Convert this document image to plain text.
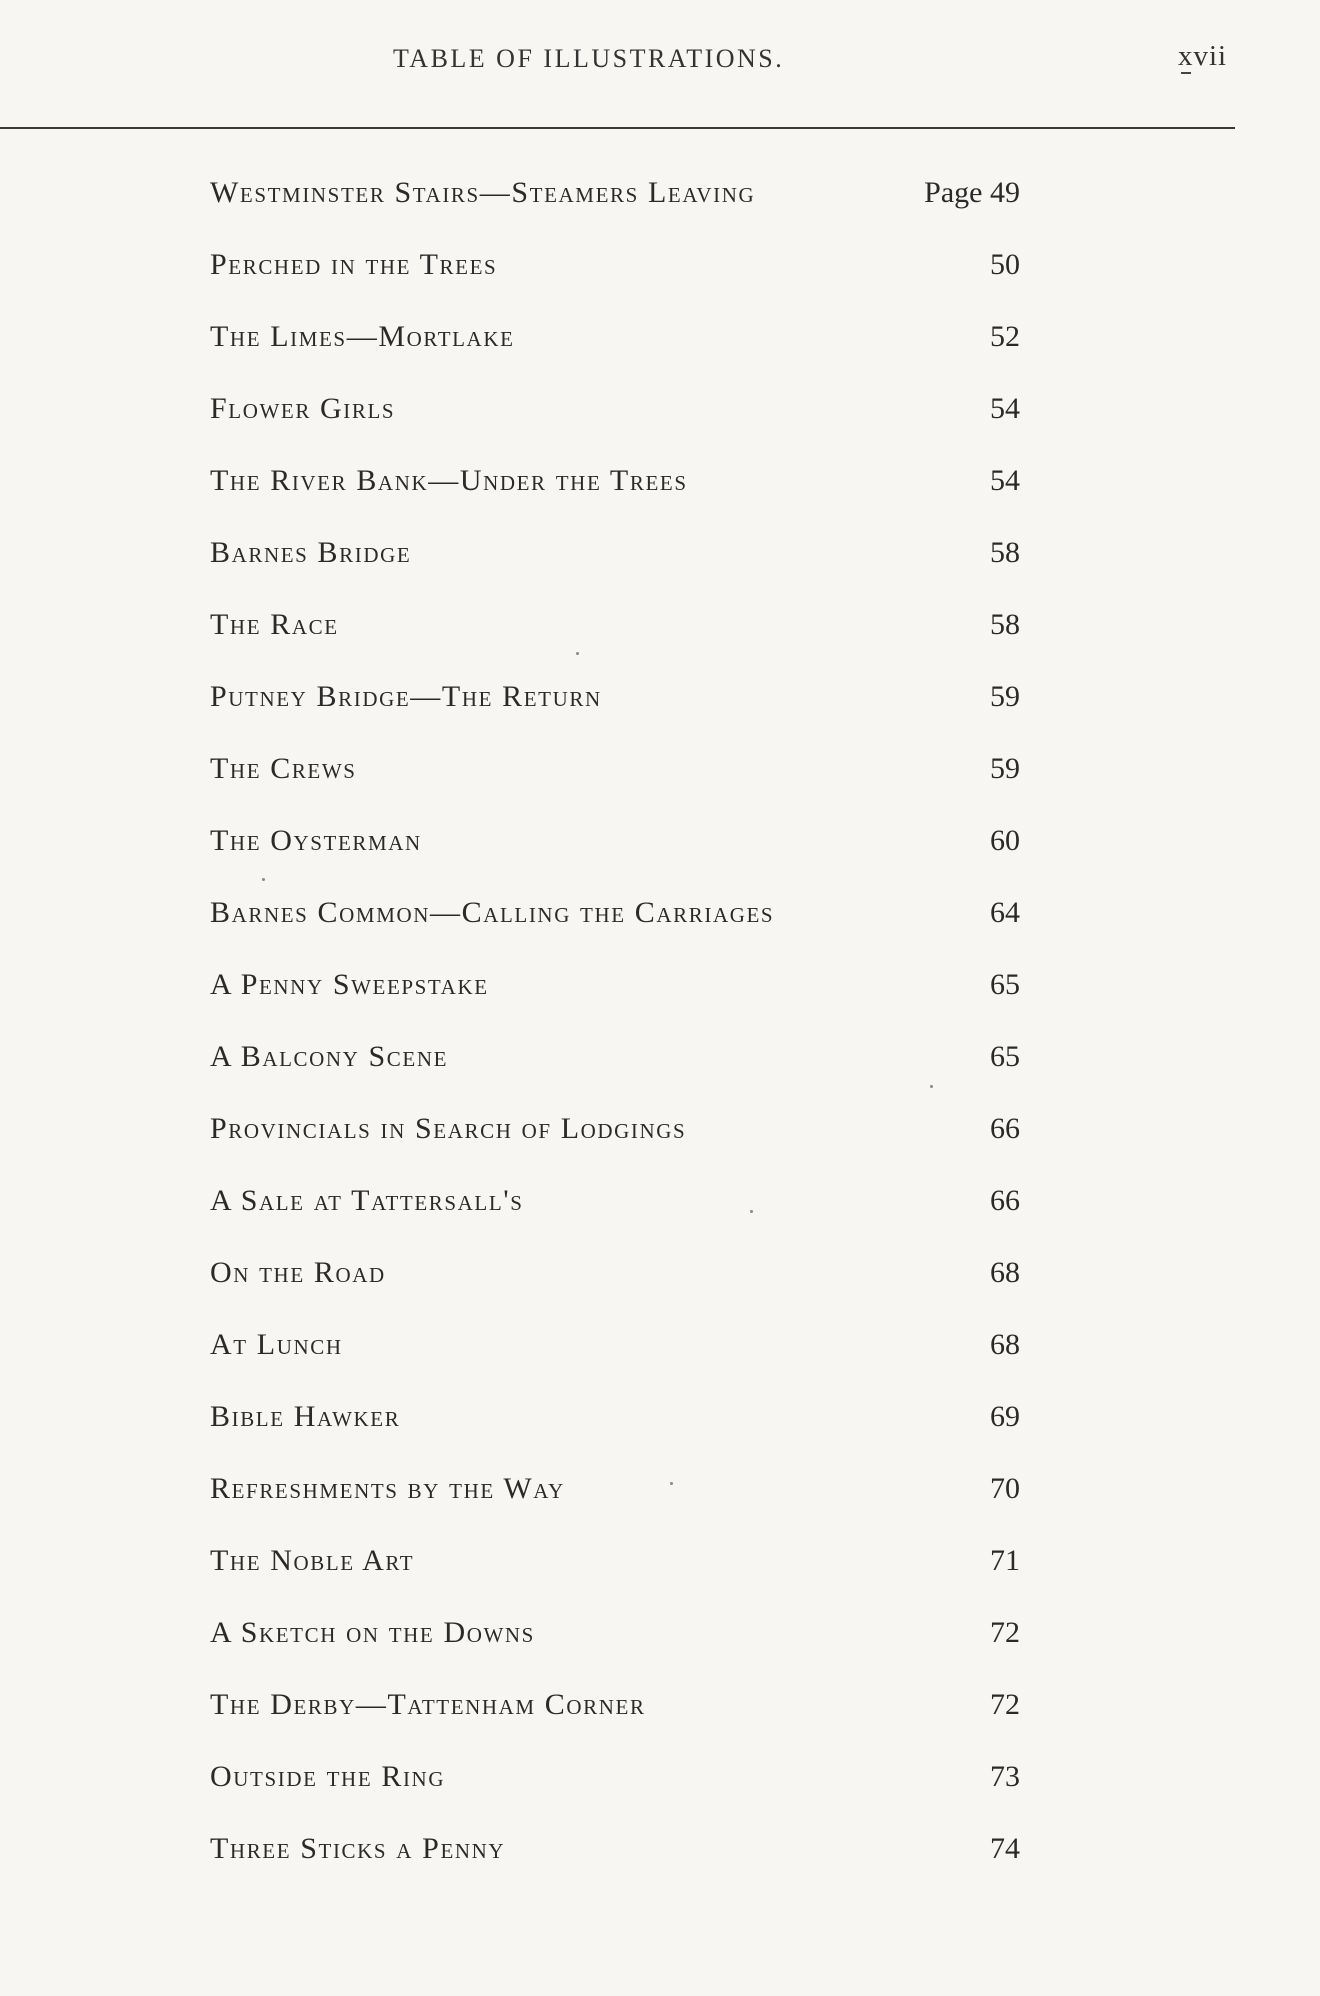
TABLE OF ILLUSTRATIONS.	xvii
Westminster Stairs—Steamers Leaving	Page 49
Perched in the Trees	50
The Limes—Mortlake	52
Flower Girls	54
The River Bank—Under the Trees	54
Barnes Bridge	58
The Race	58
Putney Bridge—The Return	59
The Crews	59
The Oysterman	60
Barnes Common—Calling the Carriages	64
A Penny Sweepstake	65
A Balcony Scene	65
Provincials in Search of Lodgings	66
A Sale at Tattersall's	66
On the Road	68
At Lunch	68
Bible Hawker	69
Refreshments by the Way	70
The Noble Art	71
A Sketch on the Downs	72
The Derby—Tattenham Corner	72
Outside the Ring	73
Three Sticks a Penny	74
